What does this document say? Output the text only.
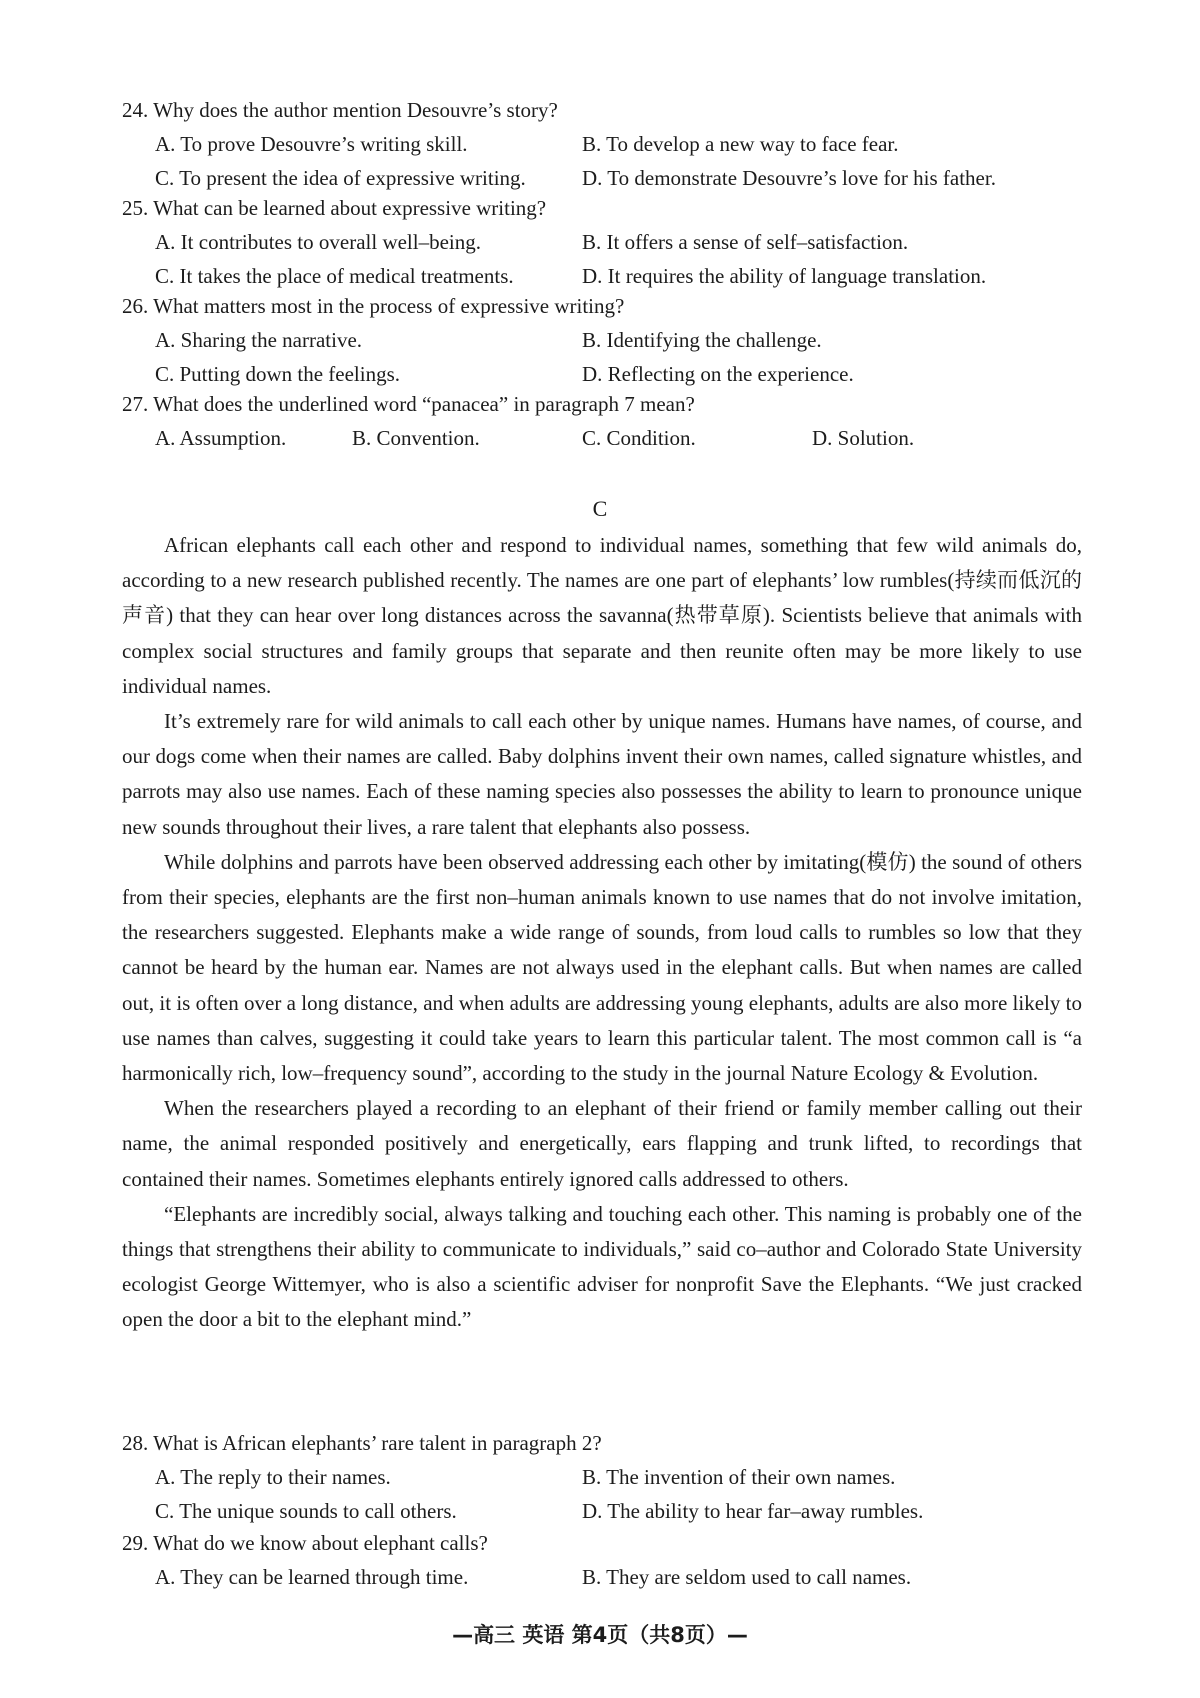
24. Why does the author mention Desouvre’s story?
A. To prove Desouvre’s writing skill.	B. To develop a new way to face fear.
C. To present the idea of expressive writing.	D. To demonstrate Desouvre’s love for his father.
25. What can be learned about expressive writing?
A. It contributes to overall well–being.	B. It offers a sense of self–satisfaction.
C. It takes the place of medical treatments.	D. It requires the ability of language translation.
26. What matters most in the process of expressive writing?
A. Sharing the narrative.	B. Identifying the challenge.
C. Putting down the feelings.	D. Reflecting on the experience.
27. What does the underlined word “panacea” in paragraph 7 mean?
A. Assumption.	B. Convention.	C. Condition.	D. Solution.
C

African elephants call each other and respond to individual names, something that few wild animals do, according to a new research published recently. The names are one part of elephants’ low rumbles(持续而低沉的声音) that they can hear over long distances across the savanna(热带草原). Scientists believe that animals with complex social structures and family groups that separate and then reunite often may be more likely to use individual names.

It’s extremely rare for wild animals to call each other by unique names. Humans have names, of course, and our dogs come when their names are called. Baby dolphins invent their own names, called signature whistles, and parrots may also use names. Each of these naming species also possesses the ability to learn to pronounce unique new sounds throughout their lives, a rare talent that elephants also possess.

While dolphins and parrots have been observed addressing each other by imitating(模仿) the sound of others from their species, elephants are the first non–human animals known to use names that do not involve imitation, the researchers suggested. Elephants make a wide range of sounds, from loud calls to rumbles so low that they cannot be heard by the human ear. Names are not always used in the elephant calls. But when names are called out, it is often over a long distance, and when adults are addressing young elephants, adults are also more likely to use names than calves, suggesting it could take years to learn this particular talent. The most common call is “a harmonically rich, low–frequency sound”, according to the study in the journal Nature Ecology & Evolution.

When the researchers played a recording to an elephant of their friend or family member calling out their name, the animal responded positively and energetically, ears flapping and trunk lifted, to recordings that contained their names. Sometimes elephants entirely ignored calls addressed to others.

“Elephants are incredibly social, always talking and touching each other. This naming is probably one of the things that strengthens their ability to communicate to individuals,” said co–author and Colorado State University ecologist George Wittemyer, who is also a scientific adviser for nonprofit Save the Elephants. “We just cracked open the door a bit to the elephant mind.”

28. What is African elephants’ rare talent in paragraph 2?
A. The reply to their names.	B. The invention of their own names.
C. The unique sounds to call others.	D. The ability to hear far–away rumbles.
29. What do we know about elephant calls?
A. They can be learned through time.	B. They are seldom used to call names.
—高三 英语 第4页（共8页）—
